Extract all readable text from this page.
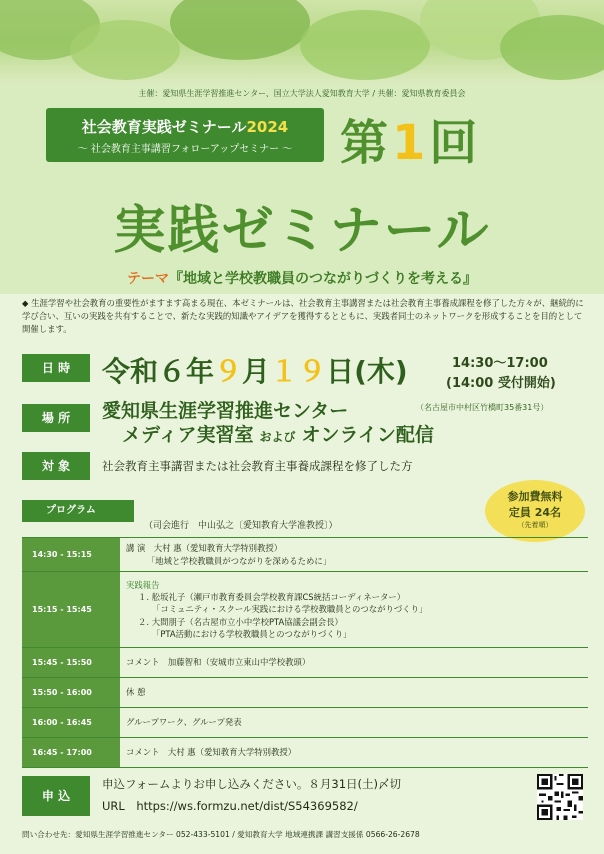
主催：愛知県生涯学習推進センター、国立大学法人愛知教育大学 / 共催：愛知県教育委員会
社会教育実践ゼミナール2024
～ 社会教育主事講習フォローアップセミナー ～ 第1回
実践ゼミナール
テーマ『地域と学校教職員のつながりづくりを考える』
◆ 生涯学習や社会教育の重要性がますます高まる現在、本ゼミナールは、社会教育主事講習または社会教育主事養成課程を修了した方々が、継続的に学び合い、互いの実践を共有することで、新たな実践的知識やアイデアを獲得するとともに、実践者同士のネットワークを形成することを目的として開催します。
日 時	令和６年９月１９日(木)	14:30～17:00
(14:00 受付開始)
場 所	愛知県生涯学習推進センター	（名古屋市中村区竹橋町35番31号）
メディア実習室 および オンライン配信
対 象	社会教育主事講習または社会教育主事養成課程を修了した方
参加費無料
定員 24名
（先着順）
プログラム
（司会進行　中山弘之〔愛知教育大学准教授〕）
14:30 - 15:15
講 演　大村 惠（愛知教育大学特別教授）
　　　「地域と学校教職員がつながりを深めるために」
15:15 - 15:45
実践報告
１. 舩坂礼子（瀬戸市教育委員会学校教育課CS統括コーディネーター）
「コミュニティ・スクール実践における学校教職員とのつながりづくり」
２. 大間朋子（名古屋市立小中学校PTA協議会副会長）
「PTA活動における学校教職員とのつながりづくり」
15:45 - 15:50	コメント　加藤智和（安城市立東山中学校教頭）
15:50 - 16:00	休 憩
16:00 - 16:45	グループワーク、グループ発表
16:45 - 17:00	コメント　大村 惠（愛知教育大学特別教授）
申 込
申込フォームよりお申し込みください。８月31日(土)〆切
URL　https://ws.formzu.net/dist/S54369582/
問い合わせ先：愛知県生涯学習推進センター 052-433-5101 / 愛知教育大学 地域連携課 講習支援係 0566-26-2678
